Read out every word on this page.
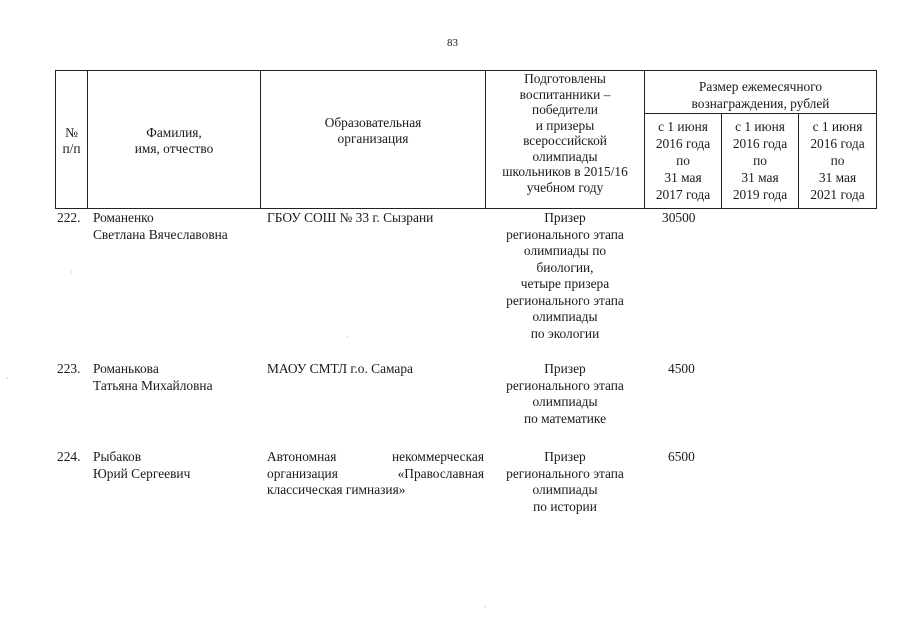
83
№
п/п
Фамилия,
имя, отчество
Образовательная
организация
Подготовлены
воспитанники –
победители
и призеры
всероссийской
олимпиады
школьников в 2015/16
учебном году
Размер ежемесячного
вознаграждения, рублей
с 1 июня
2016 года
по
31 мая
2017 года
с 1 июня
2016 года
по
31 мая
2019 года
с 1 июня
2016 года
по
31 мая
2021 года
222. Романенко
Светлана Вячеславовна
ГБОУ СОШ № 33 г. Сызрани	Призер
регионального этапа
олимпиады по
биологии,
четыре призера
регионального этапа
олимпиады
по экологии
30500
223. Романькова
Татьяна Михайловна
МАОУ СМТЛ г.о. Самара	Призер
регионального этапа
олимпиады
по математике
4500
224. Рыбаков
Юрий Сергеевич
Автономная некоммерческая организация «Православная классическая гимназия»
Призер
регионального этапа
олимпиады
по истории
6500
·
·
·
·
